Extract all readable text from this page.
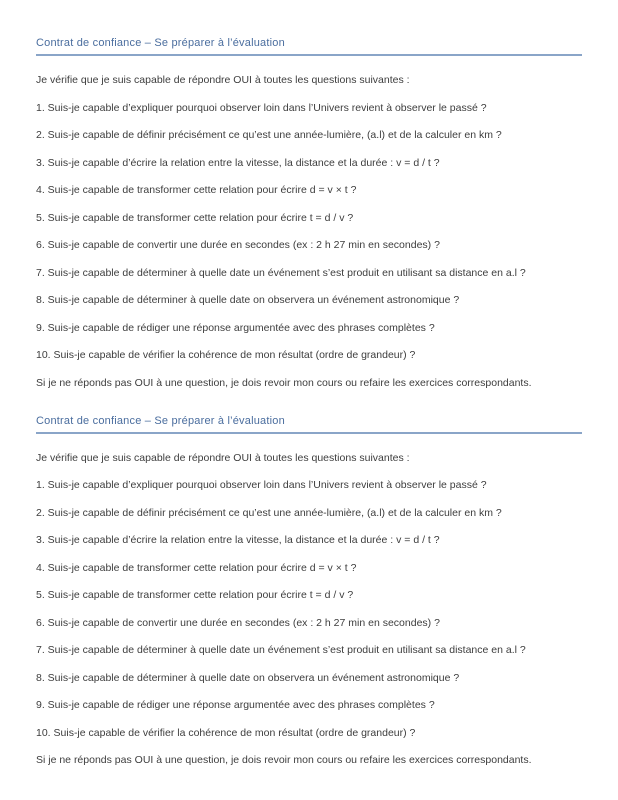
Contrat de confiance – Se préparer à l’évaluation

Je vérifie que je suis capable de répondre OUI à toutes les questions suivantes :

1. Suis-je capable d’expliquer pourquoi observer loin dans l’Univers revient à observer le passé ?

2. Suis-je capable de définir précisément ce qu’est une année-lumière, (a.l) et de la calculer en km ?

3. Suis-je capable d’écrire la relation entre la vitesse, la distance et la durée : v = d / t ?

4. Suis-je capable de transformer cette relation pour écrire d = v × t ?

5. Suis-je capable de transformer cette relation pour écrire t = d / v ?

6. Suis-je capable de convertir une durée en secondes (ex : 2 h 27 min en secondes) ?

7. Suis-je capable de déterminer à quelle date un événement s’est produit en utilisant sa distance en a.l ?

8. Suis-je capable de déterminer à quelle date on observera un événement astronomique ?

9. Suis-je capable de rédiger une réponse argumentée avec des phrases complètes ?

10. Suis-je capable de vérifier la cohérence de mon résultat (ordre de grandeur) ?

Si je ne réponds pas OUI à une question, je dois revoir mon cours ou refaire les exercices correspondants.

Contrat de confiance – Se préparer à l’évaluation

Je vérifie que je suis capable de répondre OUI à toutes les questions suivantes :

1. Suis-je capable d’expliquer pourquoi observer loin dans l’Univers revient à observer le passé ?

2. Suis-je capable de définir précisément ce qu’est une année-lumière, (a.l) et de la calculer en km ?

3. Suis-je capable d’écrire la relation entre la vitesse, la distance et la durée : v = d / t ?

4. Suis-je capable de transformer cette relation pour écrire d = v × t ?

5. Suis-je capable de transformer cette relation pour écrire t = d / v ?

6. Suis-je capable de convertir une durée en secondes (ex : 2 h 27 min en secondes) ?

7. Suis-je capable de déterminer à quelle date un événement s’est produit en utilisant sa distance en a.l ?

8. Suis-je capable de déterminer à quelle date on observera un événement astronomique ?

9. Suis-je capable de rédiger une réponse argumentée avec des phrases complètes ?

10. Suis-je capable de vérifier la cohérence de mon résultat (ordre de grandeur) ?

Si je ne réponds pas OUI à une question, je dois revoir mon cours ou refaire les exercices correspondants.
